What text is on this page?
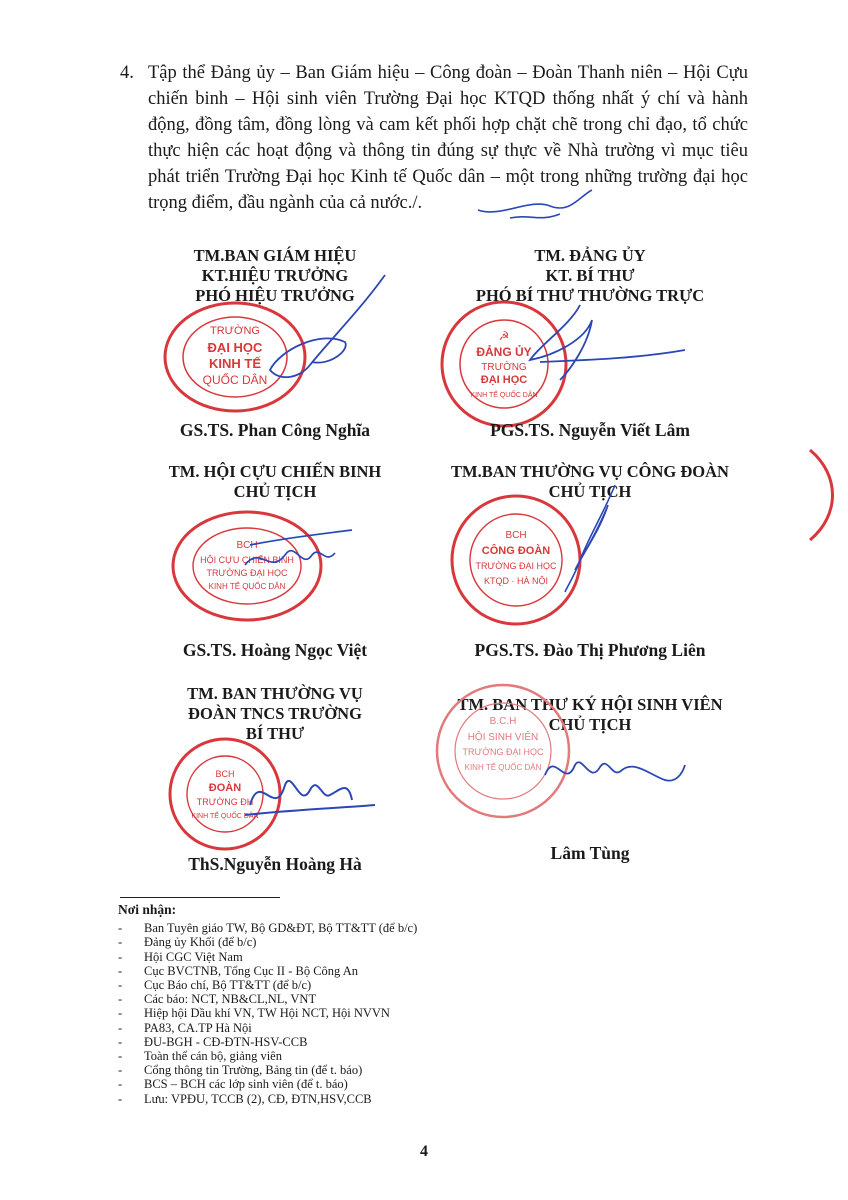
4. Tập thể Đảng ủy – Ban Giám hiệu – Công đoàn – Đoàn Thanh niên – Hội Cựu chiến binh – Hội sinh viên Trường Đại học KTQD thống nhất ý chí và hành động, đồng tâm, đồng lòng và cam kết phối hợp chặt chẽ trong chỉ đạo, tổ chức thực hiện các hoạt động và thông tin đúng sự thực về Nhà trường vì mục tiêu phát triển Trường Đại học Kinh tế Quốc dân – một trong những trường đại học trọng điểm, đầu ngành của cả nước./.
TM.BAN GIÁM HIỆU
KT.HIỆU TRƯỞNG
PHÓ HIỆU TRƯỞNG
TRƯỜNG
ĐẠI HỌC
KINH TẾ
QUỐC DÂN
GS.TS. Phan Công Nghĩa
TM. ĐẢNG ỦY
KT. BÍ THƯ
PHÓ BÍ THƯ THƯỜNG TRỰC
☭
ĐẢNG ỦY
TRƯỜNG
ĐẠI HỌC
KINH TẾ QUỐC DÂN
PGS.TS. Nguyễn Viết Lâm
TM. HỘI CỰU CHIẾN BINH
CHỦ TỊCH
BCH
HỘI CỰU CHIẾN BINH
TRƯỜNG ĐẠI HỌC
KINH TẾ QUỐC DÂN
GS.TS. Hoàng Ngọc Việt
TM.BAN THƯỜNG VỤ CÔNG ĐOÀN
CHỦ TỊCH
BCH
CÔNG ĐOÀN
TRƯỜNG ĐẠI HỌC
KTQD · HÀ NỘI
PGS.TS. Đào Thị Phương Liên
TM. BAN THƯỜNG VỤ
ĐOÀN TNCS TRƯỜNG
BÍ THƯ
BCH
ĐOÀN
TRƯỜNG ĐH
KINH TẾ QUỐC DÂN
ThS.Nguyễn Hoàng Hà
TM. BAN THƯ KÝ HỘI SINH VIÊN
CHỦ TỊCH
B.C.H
HỘI SINH VIÊN
TRƯỜNG ĐẠI HỌC
KINH TẾ QUỐC DÂN
Lâm Tùng
Nơi nhận:
- Ban Tuyên giáo TW, Bộ GD&ĐT, Bộ TT&TT (để b/c)
- Đảng ủy Khối (để b/c)
- Hội CGC Việt Nam
- Cục BVCTNB, Tổng Cục II - Bộ Công An
- Cục Báo chí, Bộ TT&TT (để b/c)
- Các báo: NCT, NB&CL,NL, VNT
- Hiệp hội Dầu khí VN, TW Hội NCT, Hội NVVN
- PA83, CA.TP Hà Nội
- ĐU-BGH - CĐ-ĐTN-HSV-CCB
- Toàn thể cán bộ, giảng viên
- Cổng thông tin Trường, Bảng tin (để t. báo)
- BCS – BCH các lớp sinh viên (để t. báo)
- Lưu: VPĐU, TCCB (2), CĐ, ĐTN,HSV,CCB
4
